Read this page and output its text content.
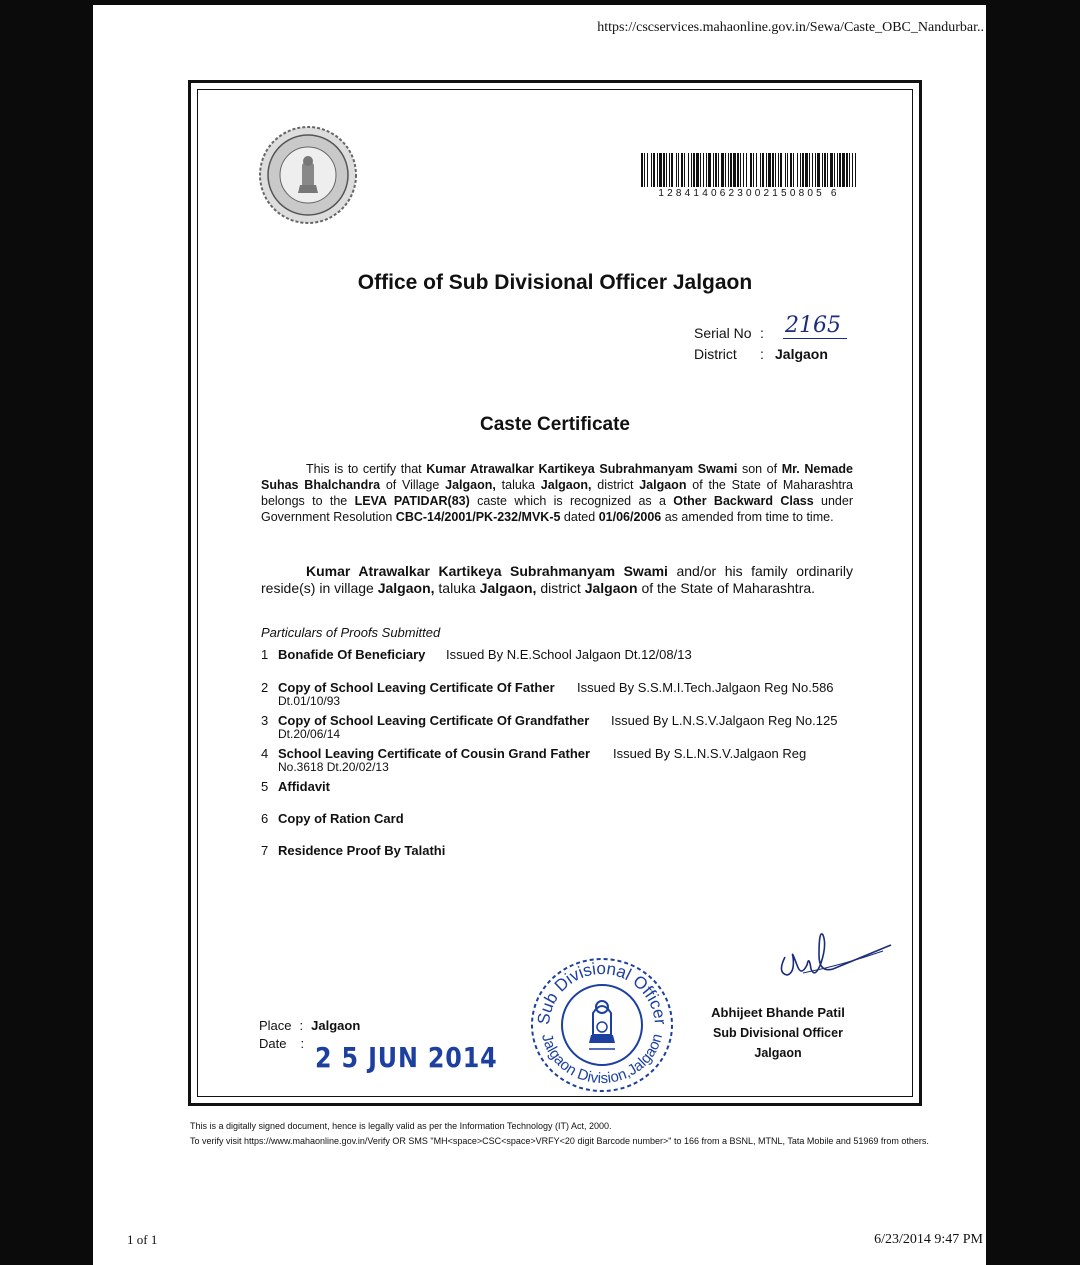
https://cscservices.mahaonline.gov.in/Sewa/Caste_OBC_Nandurbar..
1284140623002150805 6
Office of Sub Divisional Officer Jalgaon
Serial No : 2165
District : Jalgaon
Caste Certificate
This is to certify that Kumar Atrawalkar Kartikeya Subrahmanyam Swami son of Mr. Nemade Suhas Bhalchandra of Village Jalgaon, taluka Jalgaon, district Jalgaon of the State of Maharashtra belongs to the LEVA PATIDAR(83) caste which is recognized as a Other Backward Class under Government Resolution CBC-14/2001/PK-232/MVK-5 dated 01/06/2006 as amended from time to time.
Kumar Atrawalkar Kartikeya Subrahmanyam Swami and/or his family ordinarily reside(s) in village Jalgaon, taluka Jalgaon, district Jalgaon of the State of Maharashtra.
Particulars of Proofs Submitted
1 Bonafide Of Beneficiary Issued By N.E.School Jalgaon Dt.12/08/13
2 Copy of School Leaving Certificate Of Father Issued By S.S.M.I.Tech.Jalgaon Reg No.586
Dt.01/10/93
3 Copy of School Leaving Certificate Of Grandfather Issued By L.N.S.V.Jalgaon Reg No.125
Dt.20/06/14
4 School Leaving Certificate of Cousin Grand Father Issued By S.L.N.S.V.Jalgaon Reg
No.3618 Dt.20/02/13
5 Affidavit
6 Copy of Ration Card
7 Residence Proof By Talathi
Place : Jalgaon
Date : 2 5 JUN 2014
Sub Divisional Officer
Jalgaon Division,Jalgaon
Abhijeet Bhande Patil
Sub Divisional Officer
Jalgaon
This is a digitally signed document, hence is legally valid as per the Information Technology (IT) Act, 2000.
To verify visit https://www.mahaonline.gov.in/Verify OR SMS "MH<space>CSC<space>VRFY<20 digit Barcode number>" to 166 from a BSNL, MTNL, Tata Mobile and 51969 from others.
1 of 1	6/23/2014 9:47 PM
